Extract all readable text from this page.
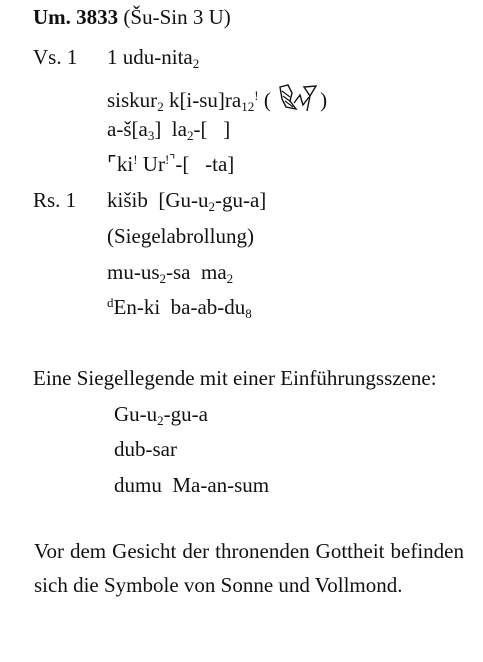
Um. 3833 (Šu-Sin 3 U)
Vs. 1 1 udu-nita$_2$
siskur$_2$ $k[i-su]ra_{12}^!$ ( )
$a-š[a_3]$  $la_2-$[   ]
⌜ki! Ur!⌝-[   -ta]
Rs. 1 kišib  $[Gu-u_2-gu-a]$
(Siegelabrollung)
$mu-us_2-sa$  $ma_2$
$^d$En-ki  $ba-ab-du_8$
Eine Siegellegende mit einer Einführungsszene:
$Gu-u_2-gu-a$
dub-sar
dumu  Ma-an-sum
Vor dem Gesicht der thronenden Gottheit befinden sich die Symbole von Sonne und Vollmond.
